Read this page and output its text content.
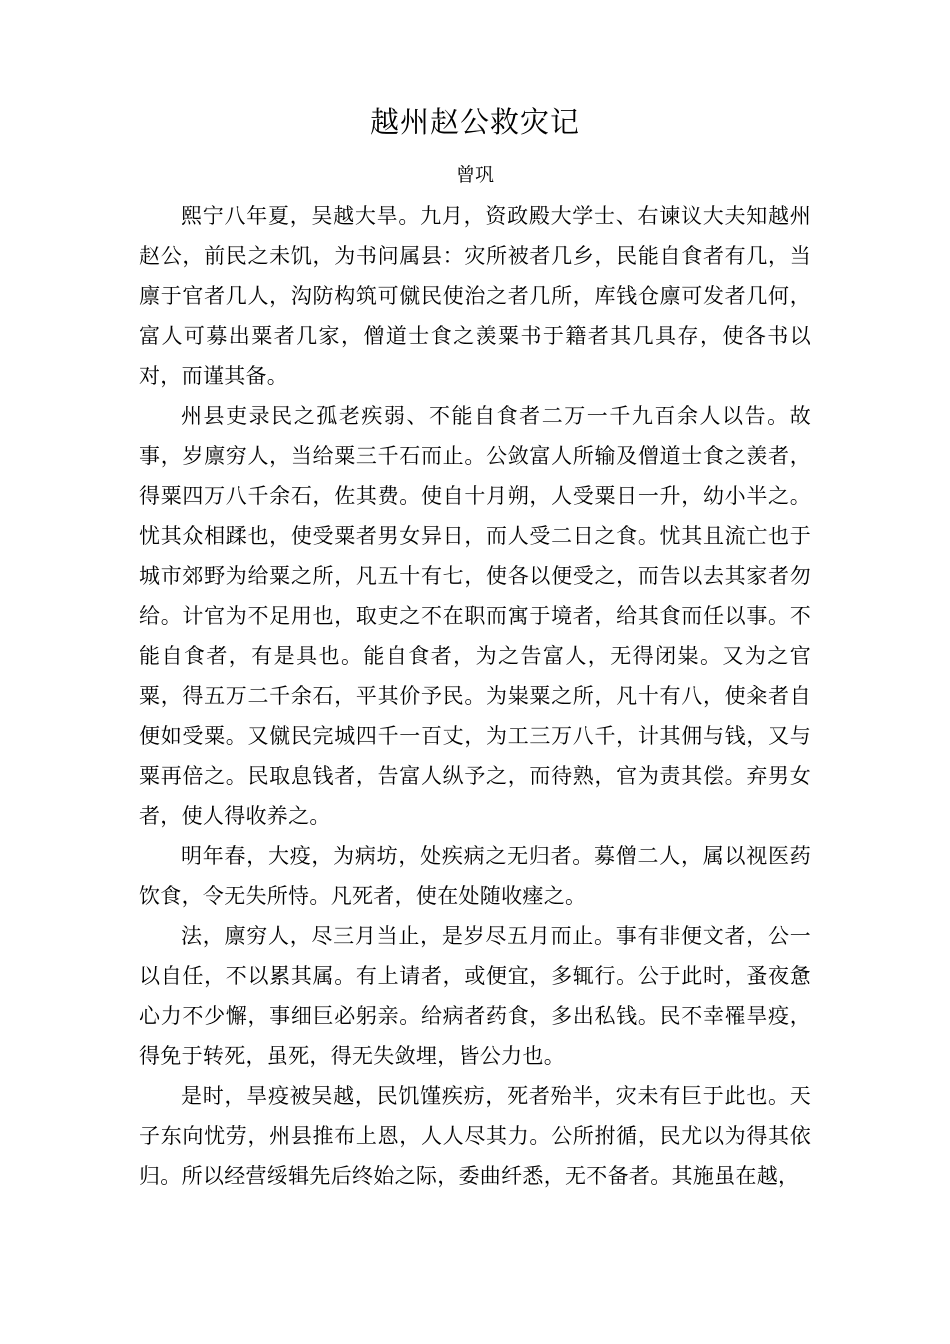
越州赵公救灾记
曾巩

熙宁八年夏，吴越大旱。九月，资政殿大学士、右谏议大夫知越州赵公，前民之未饥，为书问属县：灾所被者几乡，民能自食者有几，当廪于官者几人，沟防构筑可僦民使治之者几所，库钱仓廪可发者几何，富人可募出粟者几家，僧道士食之羡粟书于籍者其几具存，使各书以对，而谨其备。

州县吏录民之孤老疾弱、不能自食者二万一千九百余人以告。故事，岁廪穷人，当给粟三千石而止。公敛富人所输及僧道士食之羡者，得粟四万八千余石，佐其费。使自十月朔，人受粟日一升，幼小半之。忧其众相蹂也，使受粟者男女异日，而人受二日之食。忧其且流亡也于城市郊野为给粟之所，凡五十有七，使各以便受之，而告以去其家者勿给。计官为不足用也，取吏之不在职而寓于境者，给其食而任以事。不能自食者，有是具也。能自食者，为之告富人，无得闭粜。又为之官粟，得五万二千余石，平其价予民。为粜粟之所，凡十有八，使籴者自便如受粟。又僦民完城四千一百丈，为工三万八千，计其佣与钱，又与粟再倍之。民取息钱者，告富人纵予之，而待熟，官为责其偿。弃男女者，使人得收养之。

明年春，大疫，为病坊，处疾病之无归者。募僧二人，属以视医药饮食，令无失所恃。凡死者，使在处随收瘗之。

法，廪穷人，尽三月当止，是岁尽五月而止。事有非便文者，公一以自任，不以累其属。有上请者，或便宜，多辄行。公于此时，蚤夜惫心力不少懈，事细巨必躬亲。给病者药食，多出私钱。民不幸罹旱疫，得免于转死，虽死，得无失敛埋，皆公力也。

是时，旱疫被吴越，民饥馑疾疠，死者殆半，灾未有巨于此也。天子东向忧劳，州县推布上恩，人人尽其力。公所拊循，民尤以为得其依归。所以经营绥辑先后终始之际，委曲纤悉，无不备者。其施虽在越，
